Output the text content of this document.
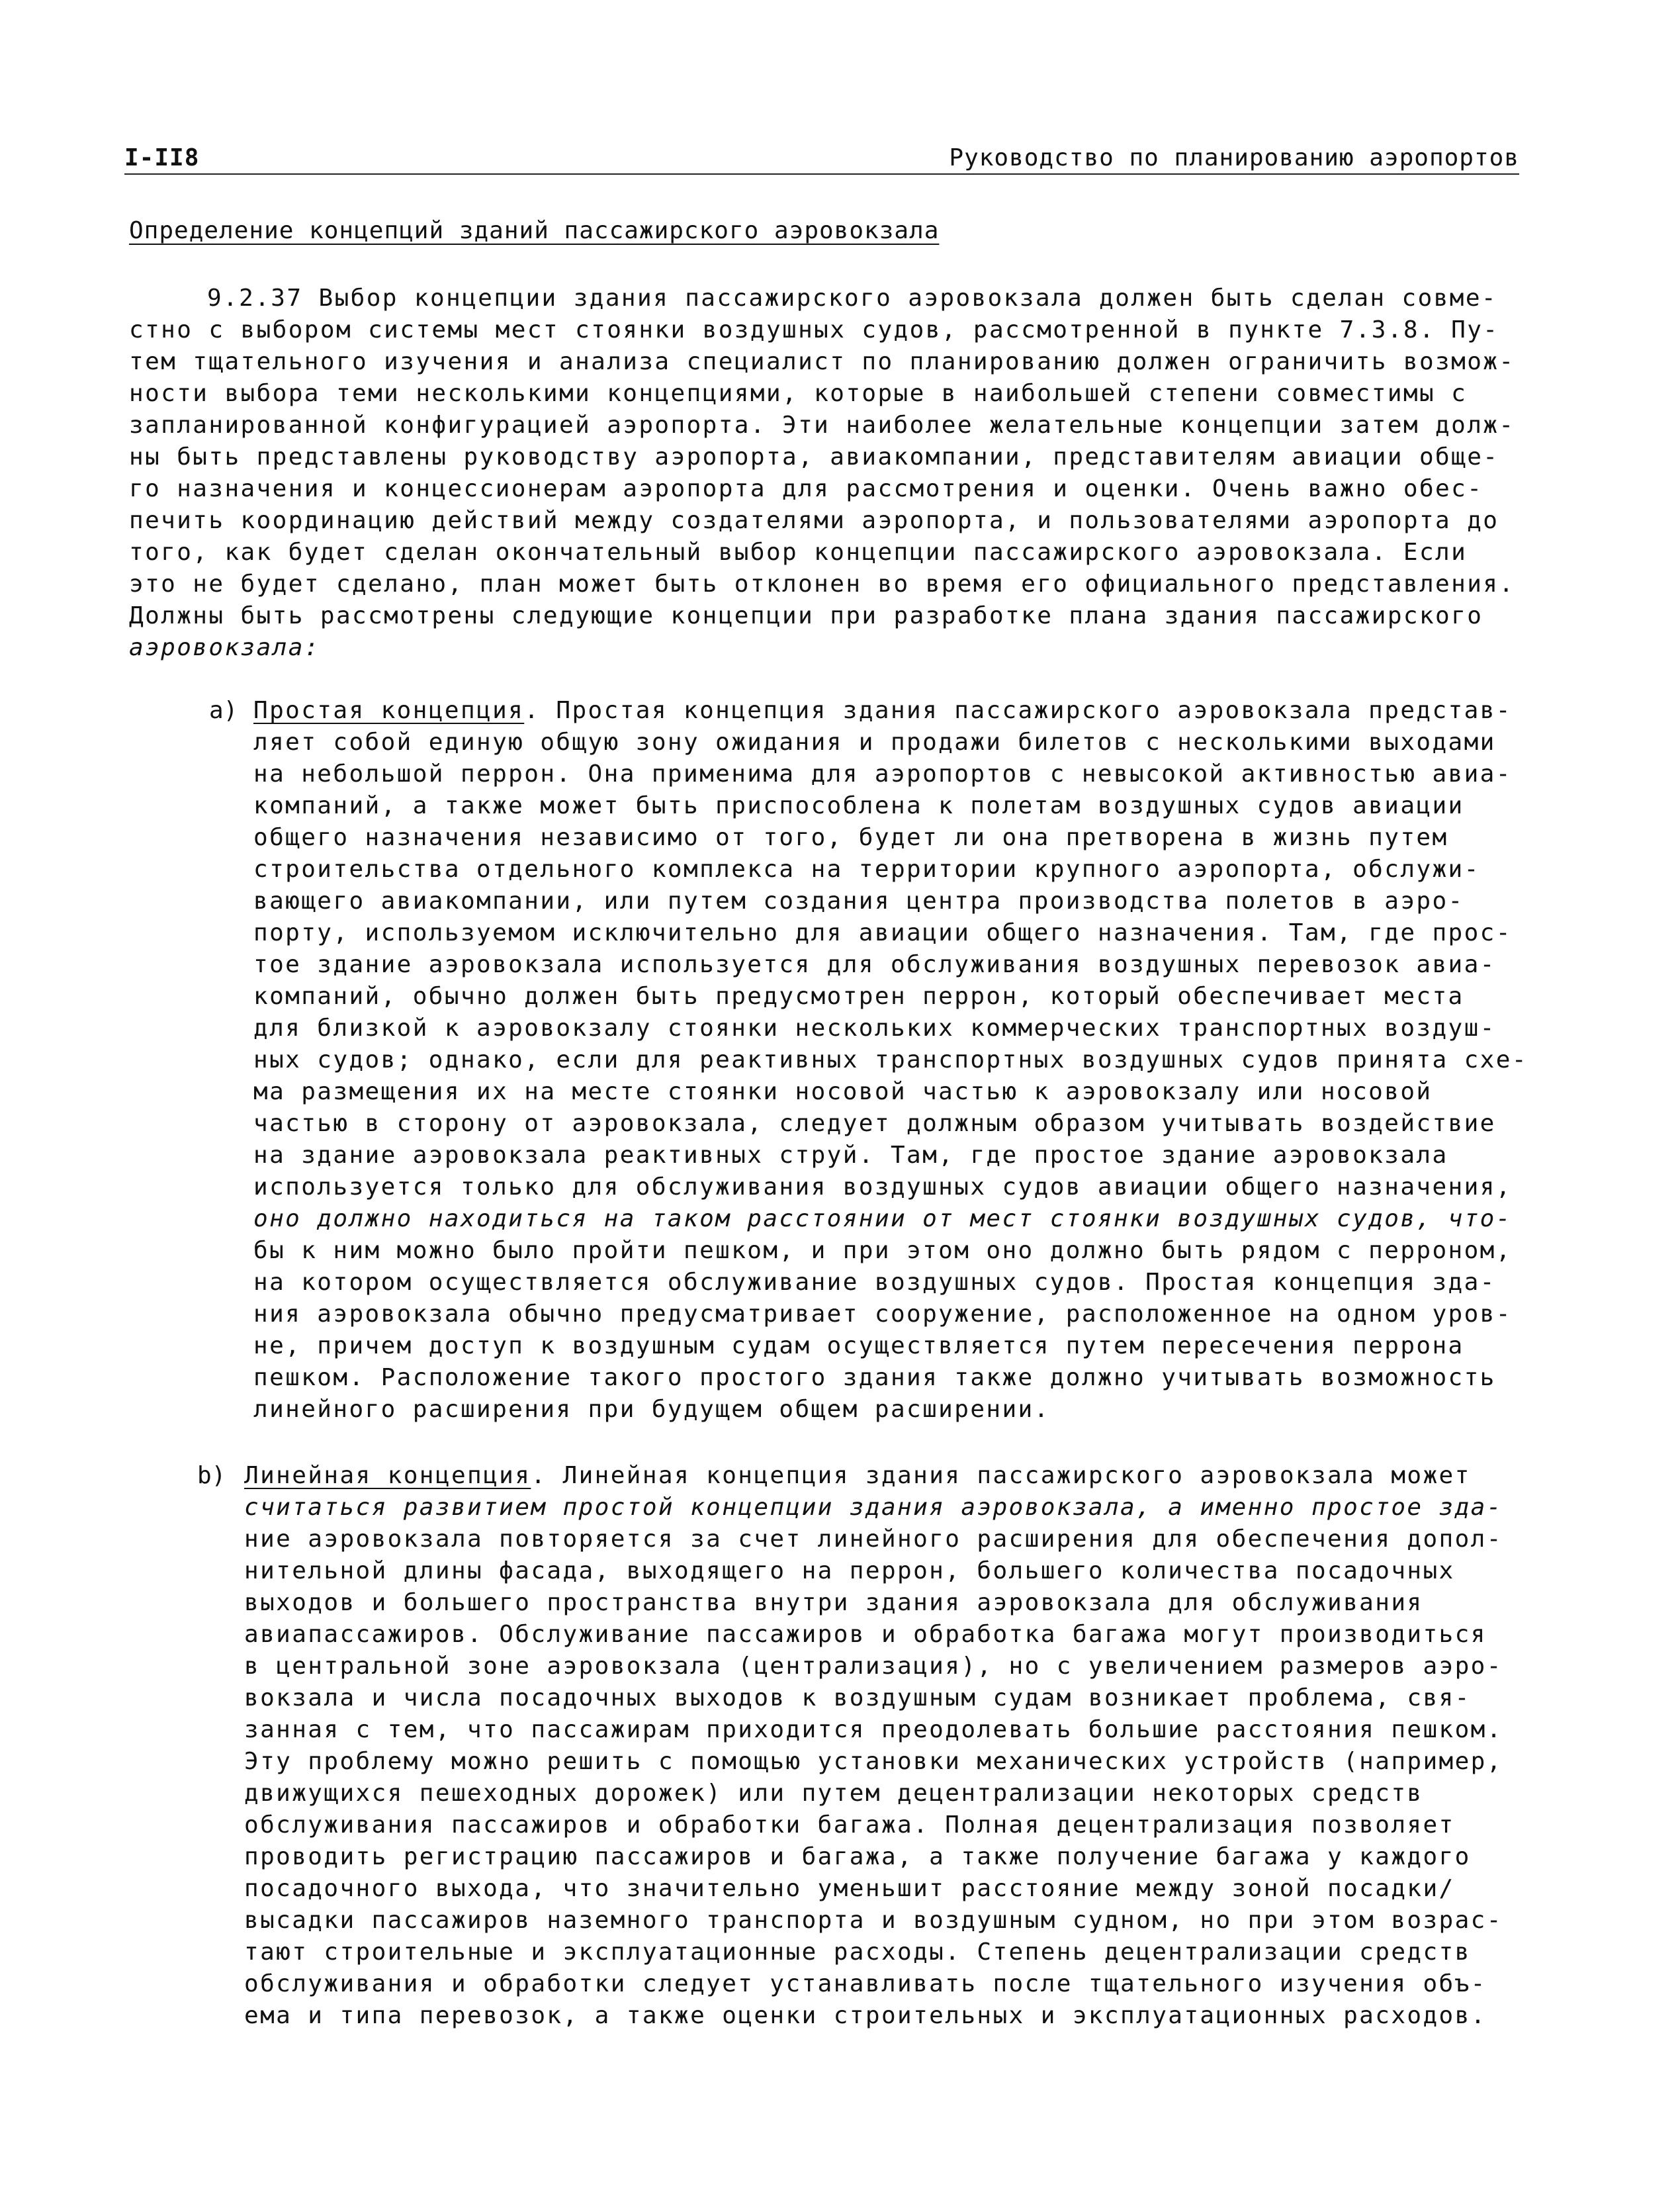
I-II8	Руководство по планированию аэропортов
Определение концепций зданий пассажирского аэровокзала
9.2.37 Выбор концепции здания пассажирского аэровокзала должен быть сделан совме-
стно с выбором системы мест стоянки воздушных судов, рассмотренной в пункте 7.3.8. Пу-
тем тщательного изучения и анализа специалист по планированию должен ограничить возмож-
ности выбора теми несколькими концепциями, которые в наибольшей степени совместимы с
запланированной конфигурацией аэропорта. Эти наиболее желательные концепции затем долж-
ны быть представлены руководству аэропорта, авиакомпании, представителям авиации обще-
го назначения и концессионерам аэропорта для рассмотрения и оценки. Очень важно обес-
печить координацию действий между создателями аэропорта, и пользователями аэропорта до
того, как будет сделан окончательный выбор концепции пассажирского аэровокзала. Если
это не будет сделано, план может быть отклонен во время его официального представления.
Должны быть рассмотрены следующие концепции при разработке плана здания пассажирского
аэровокзала:
a) Простая концепция. Простая концепция здания пассажирского аэровокзала представ-
ляет собой единую общую зону ожидания и продажи билетов с несколькими выходами
на небольшой перрон. Она применима для аэропортов с невысокой активностью авиа-
компаний, а также может быть приспособлена к полетам воздушных судов авиации
общего назначения независимо от того, будет ли она претворена в жизнь путем
строительства отдельного комплекса на территории крупного аэропорта, обслужи-
вающего авиакомпании, или путем создания центра производства полетов в аэро-
порту, используемом исключительно для авиации общего назначения. Там, где прос-
тое здание аэровокзала используется для обслуживания воздушных перевозок авиа-
компаний, обычно должен быть предусмотрен перрон, который обеспечивает места
для близкой к аэровокзалу стоянки нескольких коммерческих транспортных воздуш-
ных судов; однако, если для реактивных транспортных воздушных судов принята схе-
ма размещения их на месте стоянки носовой частью к аэровокзалу или носовой
частью в сторону от аэровокзала, следует должным образом учитывать воздействие
на здание аэровокзала реактивных струй. Там, где простое здание аэровокзала
используется только для обслуживания воздушных судов авиации общего назначения,
оно должно находиться на таком расстоянии от мест стоянки воздушных судов, что-
бы к ним можно было пройти пешком, и при этом оно должно быть рядом с перроном,
на котором осуществляется обслуживание воздушных судов. Простая концепция зда-
ния аэровокзала обычно предусматривает сооружение, расположенное на одном уров-
не, причем доступ к воздушным судам осуществляется путем пересечения перрона
пешком. Расположение такого простого здания также должно учитывать возможность
линейного расширения при будущем общем расширении.
b) Линейная концепция. Линейная концепция здания пассажирского аэровокзала может
считаться развитием простой концепции здания аэровокзала, а именно простое зда-
ние аэровокзала повторяется за счет линейного расширения для обеспечения допол-
нительной длины фасада, выходящего на перрон, большего количества посадочных
выходов и большего пространства внутри здания аэровокзала для обслуживания
авиапассажиров. Обслуживание пассажиров и обработка багажа могут производиться
в центральной зоне аэровокзала (централизация), но с увеличением размеров аэро-
вокзала и числа посадочных выходов к воздушным судам возникает проблема, свя-
занная с тем, что пассажирам приходится преодолевать большие расстояния пешком.
Эту проблему можно решить с помощью установки механических устройств (например,
движущихся пешеходных дорожек) или путем децентрализации некоторых средств
обслуживания пассажиров и обработки багажа. Полная децентрализация позволяет
проводить регистрацию пассажиров и багажа, а также получение багажа у каждого
посадочного выхода, что значительно уменьшит расстояние между зоной посадки/
высадки пассажиров наземного транспорта и воздушным судном, но при этом возрас-
тают строительные и эксплуатационные расходы. Степень децентрализации средств
обслуживания и обработки следует устанавливать после тщательного изучения объ-
ема и типа перевозок, а также оценки строительных и эксплуатационных расходов.
